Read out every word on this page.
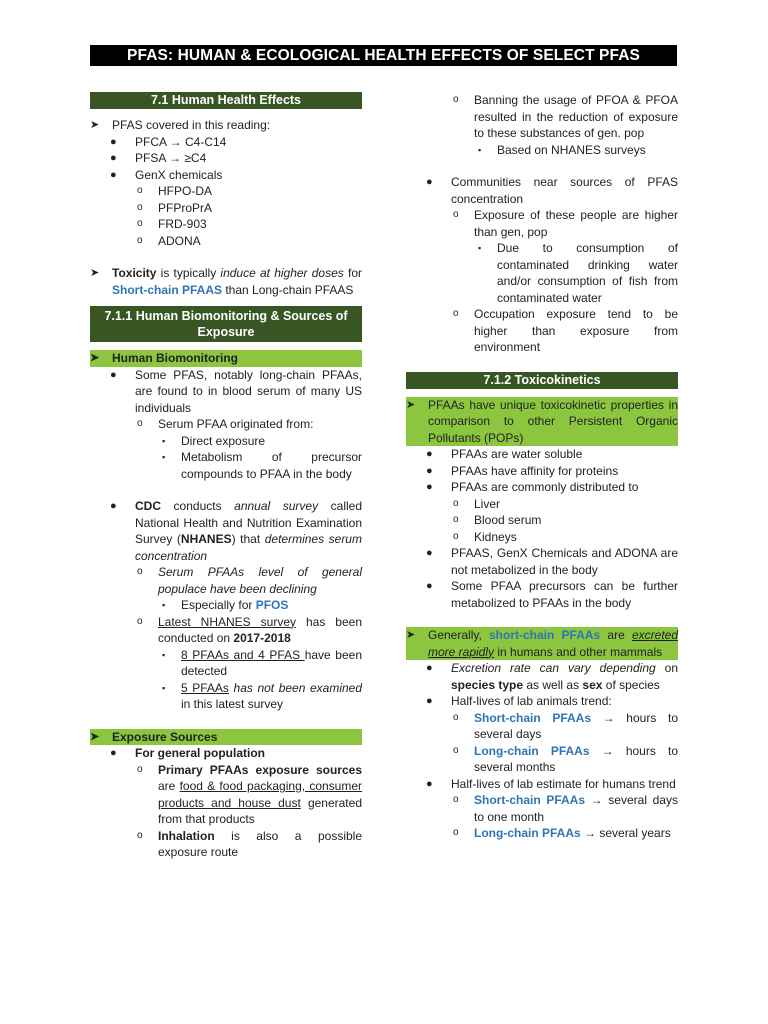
PFAS: HUMAN & ECOLOGICAL HEALTH EFFECTS OF SELECT PFAS
7.1 Human Health Effects
➤ PFAS covered in this reading:
● PFCA → C4-C14
● PFSA → ≥C4
● GenX chemicals
o HFPO-DA
o PFProPrA
o FRD-903
o ADONA
➤ Toxicity is typically induce at higher doses for Short-chain PFAAS than Long-chain PFAAS
7.1.1 Human Biomonitoring & Sources of Exposure
➤ Human Biomonitoring
● Some PFAS, notably long-chain PFAAs, are found to in blood serum of many US individuals
o Serum PFAA originated from:
▪ Direct exposure
▪ Metabolism of precursor compounds to PFAA in the body
● CDC conducts annual survey called National Health and Nutrition Examination Survey (NHANES) that determines serum concentration
o Serum PFAAs level of general populace have been declining
▪ Especially for PFOS
o Latest NHANES survey has been conducted on 2017-2018
▪ 8 PFAAs and 4 PFAS have been detected
▪ 5 PFAAs has not been examined in this latest survey
➤ Exposure Sources
● For general population
o Primary PFAAs exposure sources are food & food packaging, consumer products and house dust generated from that products
o Inhalation is also a possible exposure route
o Banning the usage of PFOA & PFOA resulted in the reduction of exposure to these substances of gen. pop
▪ Based on NHANES surveys
● Communities near sources of PFAS concentration
o Exposure of these people are higher than gen, pop
▪ Due to consumption of contaminated drinking water and/or consumption of fish from contaminated water
o Occupation exposure tend to be higher than exposure from environment
7.1.2 Toxicokinetics
➤ PFAAs have unique toxicokinetic properties in comparison to other Persistent Organic Pollutants (POPs)
● PFAAs are water soluble
● PFAAs have affinity for proteins
● PFAAs are commonly distributed to
o Liver
o Blood serum
o Kidneys
● PFAAS, GenX Chemicals and ADONA are not metabolized in the body
● Some PFAA precursors can be further metabolized to PFAAs in the body
➤ Generally, short-chain PFAAs are excreted more rapidly in humans and other mammals
● Excretion rate can vary depending on species type as well as sex of species
● Half-lives of lab animals trend:
o Short-chain PFAAs → hours to several days
o Long-chain PFAAs → hours to several months
● Half-lives of lab estimate for humans trend
o Short-chain PFAAs → several days to one month
o Long-chain PFAAs → several years
